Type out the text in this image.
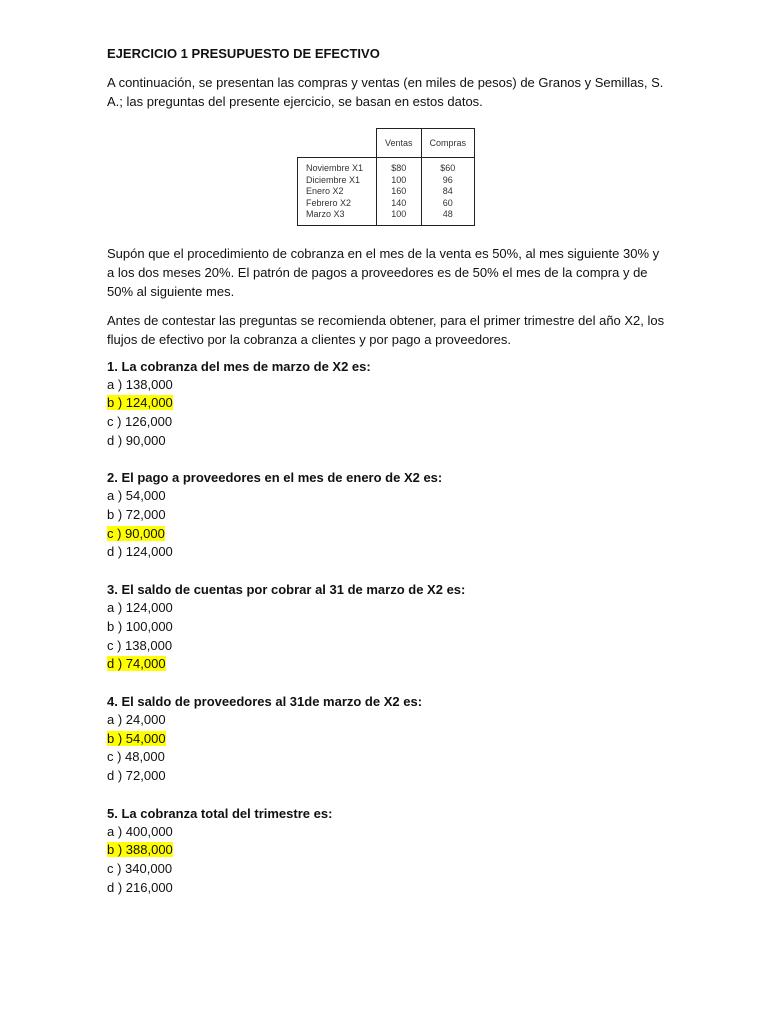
EJERCICIO 1 PRESUPUESTO DE EFECTIVO

A continuación, se presentan las compras y ventas (en miles de pesos) de Granos y Semillas, S. A.; las preguntas del presente ejercicio, se basan en estos datos.

	Ventas	Compras
Noviembre X1	$80	$60
Diciembre X1	100	96
Enero X2	160	84
Febrero X2	140	60
Marzo X3	100	48

Supón que el procedimiento de cobranza en el mes de la venta es 50%, al mes siguiente 30% y a los dos meses 20%. El patrón de pagos a proveedores es de 50% el mes de la compra y de 50% al siguiente mes.

Antes de contestar las preguntas se recomienda obtener, para el primer trimestre del año X2, los flujos de efectivo por la cobranza a clientes y por pago a proveedores.

1. La cobranza del mes de marzo de X2 es:
a ) 138,000
b ) 124,000
c ) 126,000
d ) 90,000
2. El pago a proveedores en el mes de enero de X2 es:
a ) 54,000
b ) 72,000
c ) 90,000
d ) 124,000
3. El saldo de cuentas por cobrar al 31 de marzo de X2 es:
a ) 124,000
b ) 100,000
c ) 138,000
d ) 74,000
4. El saldo de proveedores al 31de marzo de X2 es:
a ) 24,000
b ) 54,000
c ) 48,000
d ) 72,000
5. La cobranza total del trimestre es:
a ) 400,000
b ) 388,000
c ) 340,000
d ) 216,000
